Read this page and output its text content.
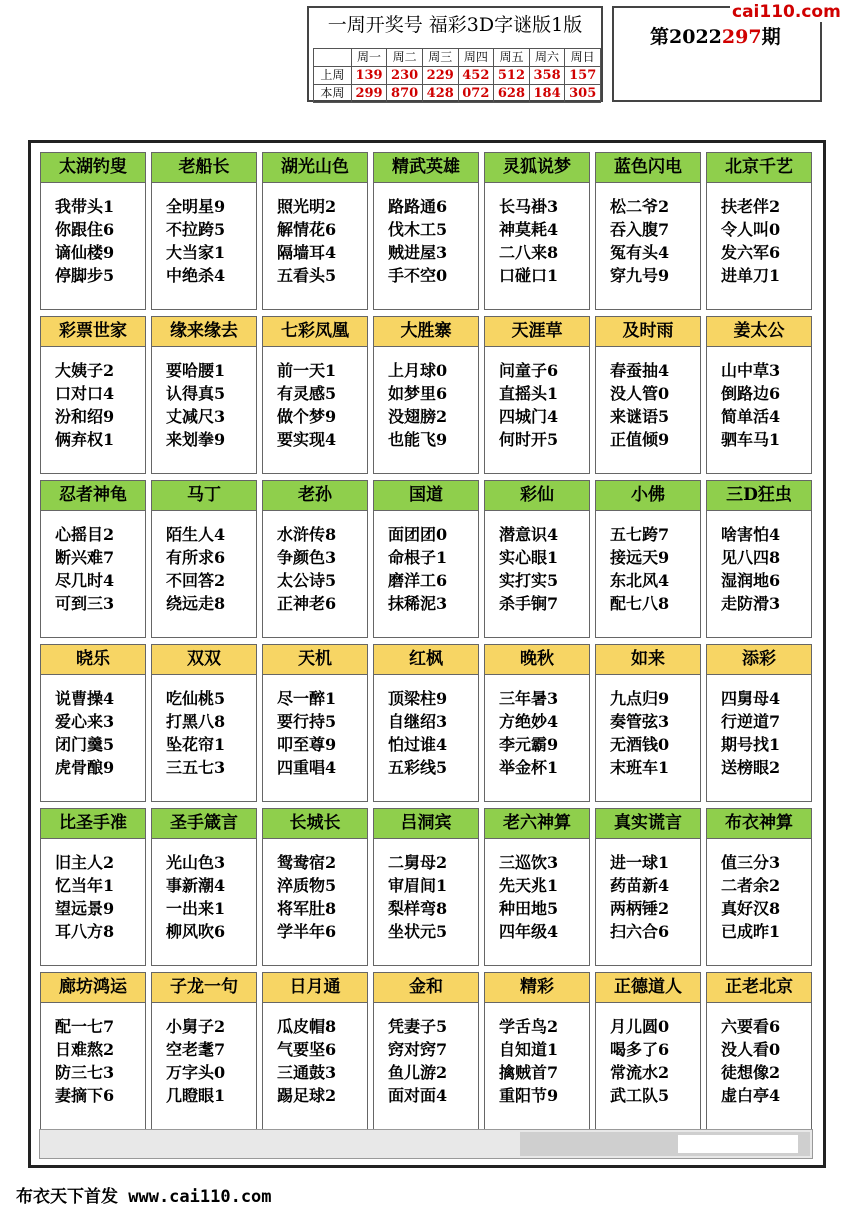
一周开奖号 福彩3D字谜版1版
	周一	周二	周三	周四	周五	周六	周日
上周	139	230	229	452	512	358	157
本周	299	870	428	072	628	184	305
第2022297期
cai110.com
太湖钓叟
我带头1
你跟住6
谪仙楼9
停脚步5
老船长
全明星9
不拉跨5
大当家1
中绝杀4
湖光山色
照光明2
解情花6
隔墙耳4
五看头5
精武英雄
路路通6
伐木工5
贼进屋3
手不空0
灵狐说梦
长马褂3
神莫耗4
二八来8
口碰口1
蓝色闪电
松二爷2
吞入腹7
冤有头4
穿九号9
北京千艺
扶老伴2
令人叫0
发六军6
进单刀1
彩票世家
大姨子2
口对口4
汾和绍9
俩弃权1
缘来缘去
要哈腰1
认得真5
丈减尺3
来划拳9
七彩凤凰
前一天1
有灵感5
做个梦9
要实现4
大胜寨
上月球0
如梦里6
没翅膀2
也能飞9
天涯草
问童子6
直摇头1
四城门4
何时开5
及时雨
春蚕抽4
没人管0
来谜语5
正值倾9
姜太公
山中草3
倒路边6
简单活4
驷车马1
忍者神龟
心摇目2
断兴难7
尽几时4
可到三3
马丁
陌生人4
有所求6
不回答2
绕远走8
老孙
水浒传8
争颜色3
太公诗5
正神老6
国道
面团团0
命根子1
磨洋工6
抹稀泥3
彩仙
潜意识4
实心眼1
实打实5
杀手锏7
小佛
五七跨7
接远天9
东北风4
配七八8
三D狂虫
啥害怕4
见八四8
湿润地6
走防滑3
晓乐
说曹操4
爱心来3
闭门羹5
虎骨酿9
双双
吃仙桃5
打黑八8
坠花帘1
三五七3
天机
尽一醉1
要行持5
叩至尊9
四重唱4
红枫
顶梁柱9
自继绍3
怕过谁4
五彩线5
晚秋
三年暑3
方绝妙4
李元霸9
举金杯1
如来
九点归9
奏管弦3
无酒钱0
末班车1
添彩
四舅母4
行逆道7
期号找1
送榜眼2
比圣手准
旧主人2
忆当年1
望远景9
耳八方8
圣手箴言
光山色3
事新潮4
一出来1
柳风吹6
长城长
鸳鸯宿2
淬质物5
将军肚8
学半年6
吕洞宾
二舅母2
审眉间1
梨样弯8
坐状元5
老六神算
三巡饮3
先天兆1
种田地5
四年级4
真实谎言
进一球1
药苗新4
两柄锤2
扫六合6
布衣神算
值三分3
二者余2
真好汉8
已成昨1
廊坊鸿运
配一七7
日难熬2
防三七3
妻摘下6
子龙一句
小舅子2
空老耄7
万字头0
几瞪眼1
日月通
瓜皮帽8
气要坚6
三通鼓3
踢足球2
金和
凭妻子5
窍对窍7
鱼儿游2
面对面4
精彩
学舌鸟2
自知道1
擒贼首7
重阳节9
正德道人
月儿圆0
喝多了6
常流水2
武工队5
正老北京
六要看6
没人看0
徒想像2
虚白亭4
布衣天下首发 www.cai110.com
